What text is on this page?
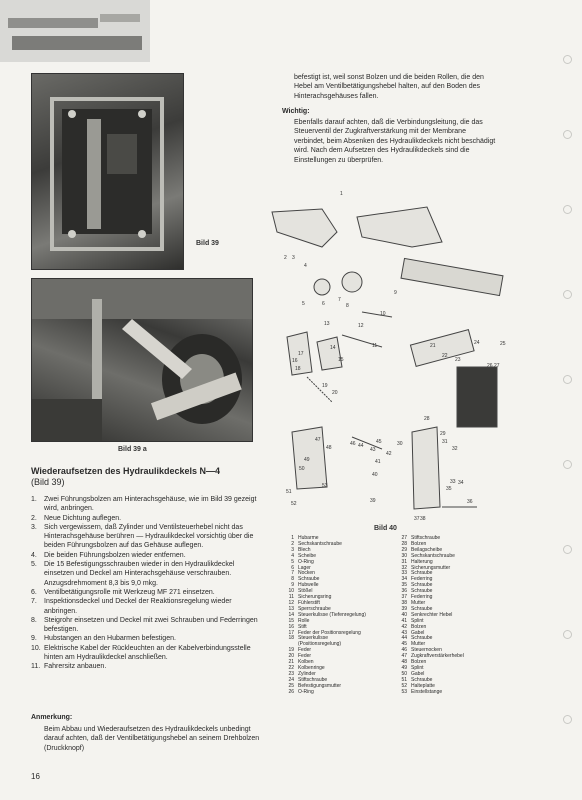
Bild 39
Bild 39 a
Wiederaufsetzen des Hydraulikdeckels N—4
(Bild 39)
1. Zwei Führungsbolzen am Hinterachsgehäuse, wie im Bild 39 gezeigt wird, anbringen.
2. Neue Dichtung auflegen.
3. Sich vergewissern, daß Zylinder und Ventilsteuerhebel nicht das Hinterachsgehäuse berühren — Hydraulikdeckel vorsichtig über die beiden Führungsbolzen auf das Gehäuse auflegen.
4. Die beiden Führungsbolzen wieder entfernen.
5. Die 15 Befestigungsschrauben wieder in den Hydraulikdeckel einsetzen und Deckel am Hinterachsgehäuse verschrauben. Anzugsdrehmoment 8,3 bis 9,0 mkg.
6. Ventilbetätigungsrolle mit Werkzeug MF 271 einsetzen.
7. Inspektionsdeckel und Deckel der Reaktionsregelung wieder anbringen.
8. Steigrohr einsetzen und Deckel mit zwei Schrauben und Federringen befestigen.
9. Hubstangen an den Hubarmen befestigen.
10. Elektrische Kabel der Rückleuchten an der Kabelverbindungsstelle hinten am Hydraulikdeckel anschließen.
11. Fahrersitz anbauen.
Anmerkung:
Beim Abbau und Wiederaufsetzen des Hydraulikdeckels unbedingt darauf achten, daß der Ventilbetätigungshebel an seinem Drehbolzen (Druckknopf)
16
befestigt ist, weil sonst Bolzen und die beiden Rollen, die den Hebel am Ventilbetätigungshebel halten, auf den Boden des Hinterachsgehäuses fallen.
Wichtig:
Ebenfalls darauf achten, daß die Verbindungsleitung, die das Steuerventil der Zugkraftverstärkung mit der Membrane verbindet, beim Absenken des Hydraulikdeckels nicht beschädigt wird. Nach dem Aufsetzen des Hydraulikdeckels sind die Einstellungen zu überprüfen.
1
2 3
4
5	6
7
8
9
10
11
12
13
14
15
16
17
18
19
20
21
22
23
24	25
26 27
28
29
30	31
32
33 34
35
36
37 38
39
40
41
42
43
44
45
46
47
48
49
50
51
52
53
Bild 40
1 Hubarme
2 Sechskantschraube
3 Blech
4 Scheibe
5 O-Ring
6 Lager
7 Nocken
8 Schraube
9 Hubwelle
10 Stößel
11 Sicherungsring
12 Fühlerstift
13 Sperrschraube
14 Steuerkulisse (Tiefenregelung)
15 Rolle
16 Stift
17 Feder der Positionsregelung
18 Steuerkulisse
(Positionsregelung)
19 Feder
20 Feder
21 Kolben
22 Kolbenringe
23 Zylinder
24 Stiftschraube
25 Befestigungsmutter
26 O-Ring
27 Stiftschraube
28 Bolzen
29 Beilagscheibe
30 Sechskantschraube
31 Halterung
32 Sicherungsmutter
33 Schraube
34 Federring
35 Schraube
36 Schraube
37 Federring
38 Mutter
39 Schraube
40 Senkrechter Hebel
41 Splint
42 Bolzen
43 Gabel
44 Schraube
45 Mutter
46 Steuernocken
47 Zugkraftverstärkerhebel
48 Bolzen
49 Splint
50 Gabel
51 Schraube
52 Halteplatte
53 Einstellstange
